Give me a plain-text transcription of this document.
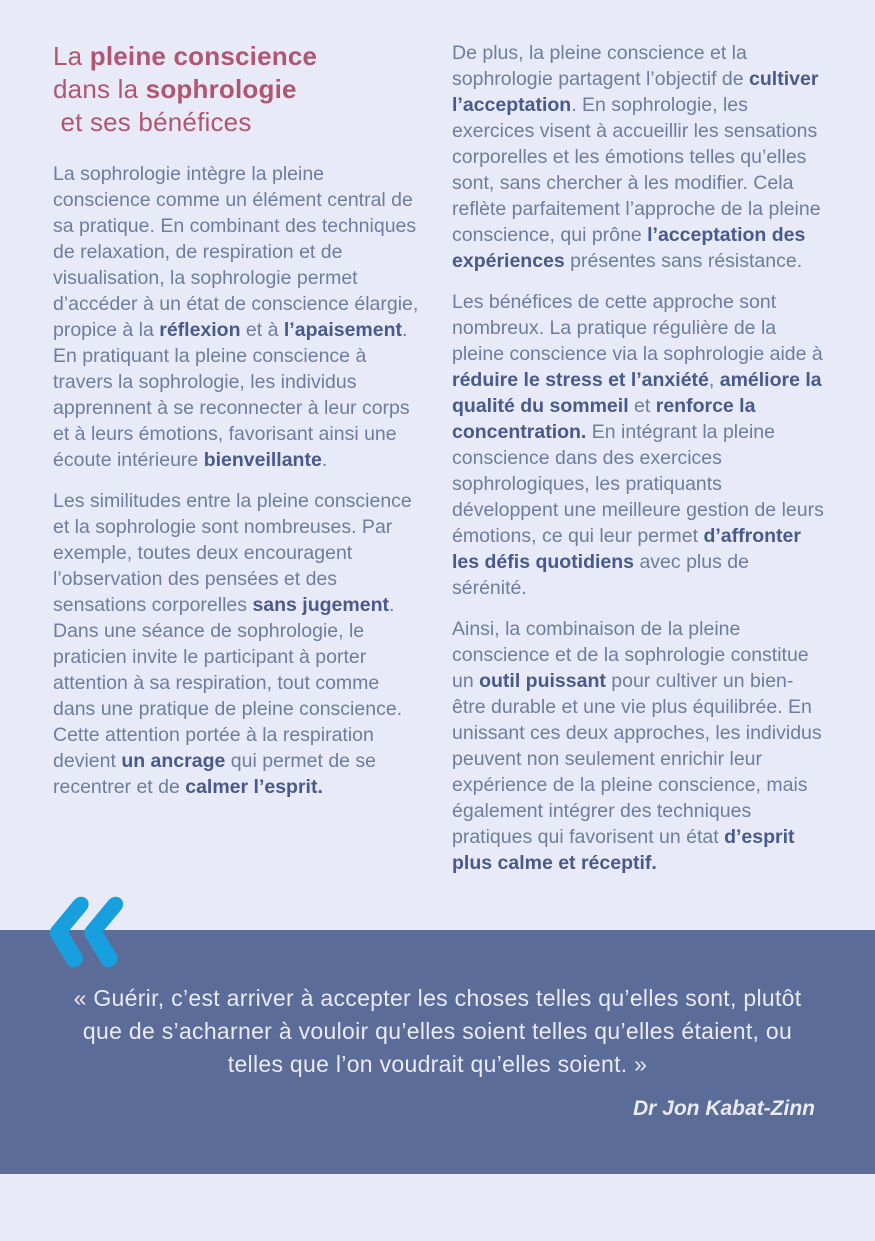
La pleine conscience

dans la sophrologie

et ses bénéfices

La sophrologie intègre la pleine conscience comme un élément central de sa pratique. En combinant des techniques de relaxation, de respiration et de visualisation, la sophrologie permet d’accéder à un état de conscience élargie, propice à la réflexion et à l’apaisement. En pratiquant la pleine conscience à travers la sophrologie, les individus apprennent à se reconnecter à leur corps et à leurs émotions, favorisant ainsi une écoute intérieure bienveillante.

Les similitudes entre la pleine conscience et la sophrologie sont nombreuses. Par exemple, toutes deux encouragent l’observation des pensées et des sensations corporelles sans jugement. Dans une séance de sophrologie, le praticien invite le participant à porter attention à sa respiration, tout comme dans une pratique de pleine conscience. Cette attention portée à la respiration devient un ancrage qui permet de se recentrer et de calmer l’esprit.

De plus, la pleine conscience et la sophrologie partagent l’objectif de cultiver l’acceptation. En sophrologie, les exercices visent à accueillir les sensations corporelles et les émotions telles qu’elles sont, sans chercher à les modifier. Cela reflète parfaitement l’approche de la pleine conscience, qui prône l’acceptation des expériences présentes sans résistance.

Les bénéfices de cette approche sont nombreux. La pratique régulière de la pleine conscience via la sophrologie aide à réduire le stress et l’anxiété, améliore la qualité du sommeil et renforce la concentration. En intégrant la pleine conscience dans des exercices sophrologiques, les pratiquants développent une meilleure gestion de leurs émotions, ce qui leur permet d’affronter les défis quotidiens avec plus de sérénité.

Ainsi, la combinaison de la pleine conscience et de la sophrologie constitue un outil puissant pour cultiver un bien-être durable et une vie plus équilibrée. En unissant ces deux approches, les individus peuvent non seulement enrichir leur expérience de la pleine conscience, mais également intégrer des techniques pratiques qui favorisent un état d’esprit plus calme et réceptif.

« Guérir, c’est arriver à accepter les choses telles qu’elles sont, plutôt que de s’acharner à vouloir qu’elles soient telles qu’elles étaient, ou telles que l’on voudrait qu’elles soient. »

Dr Jon Kabat-Zinn
